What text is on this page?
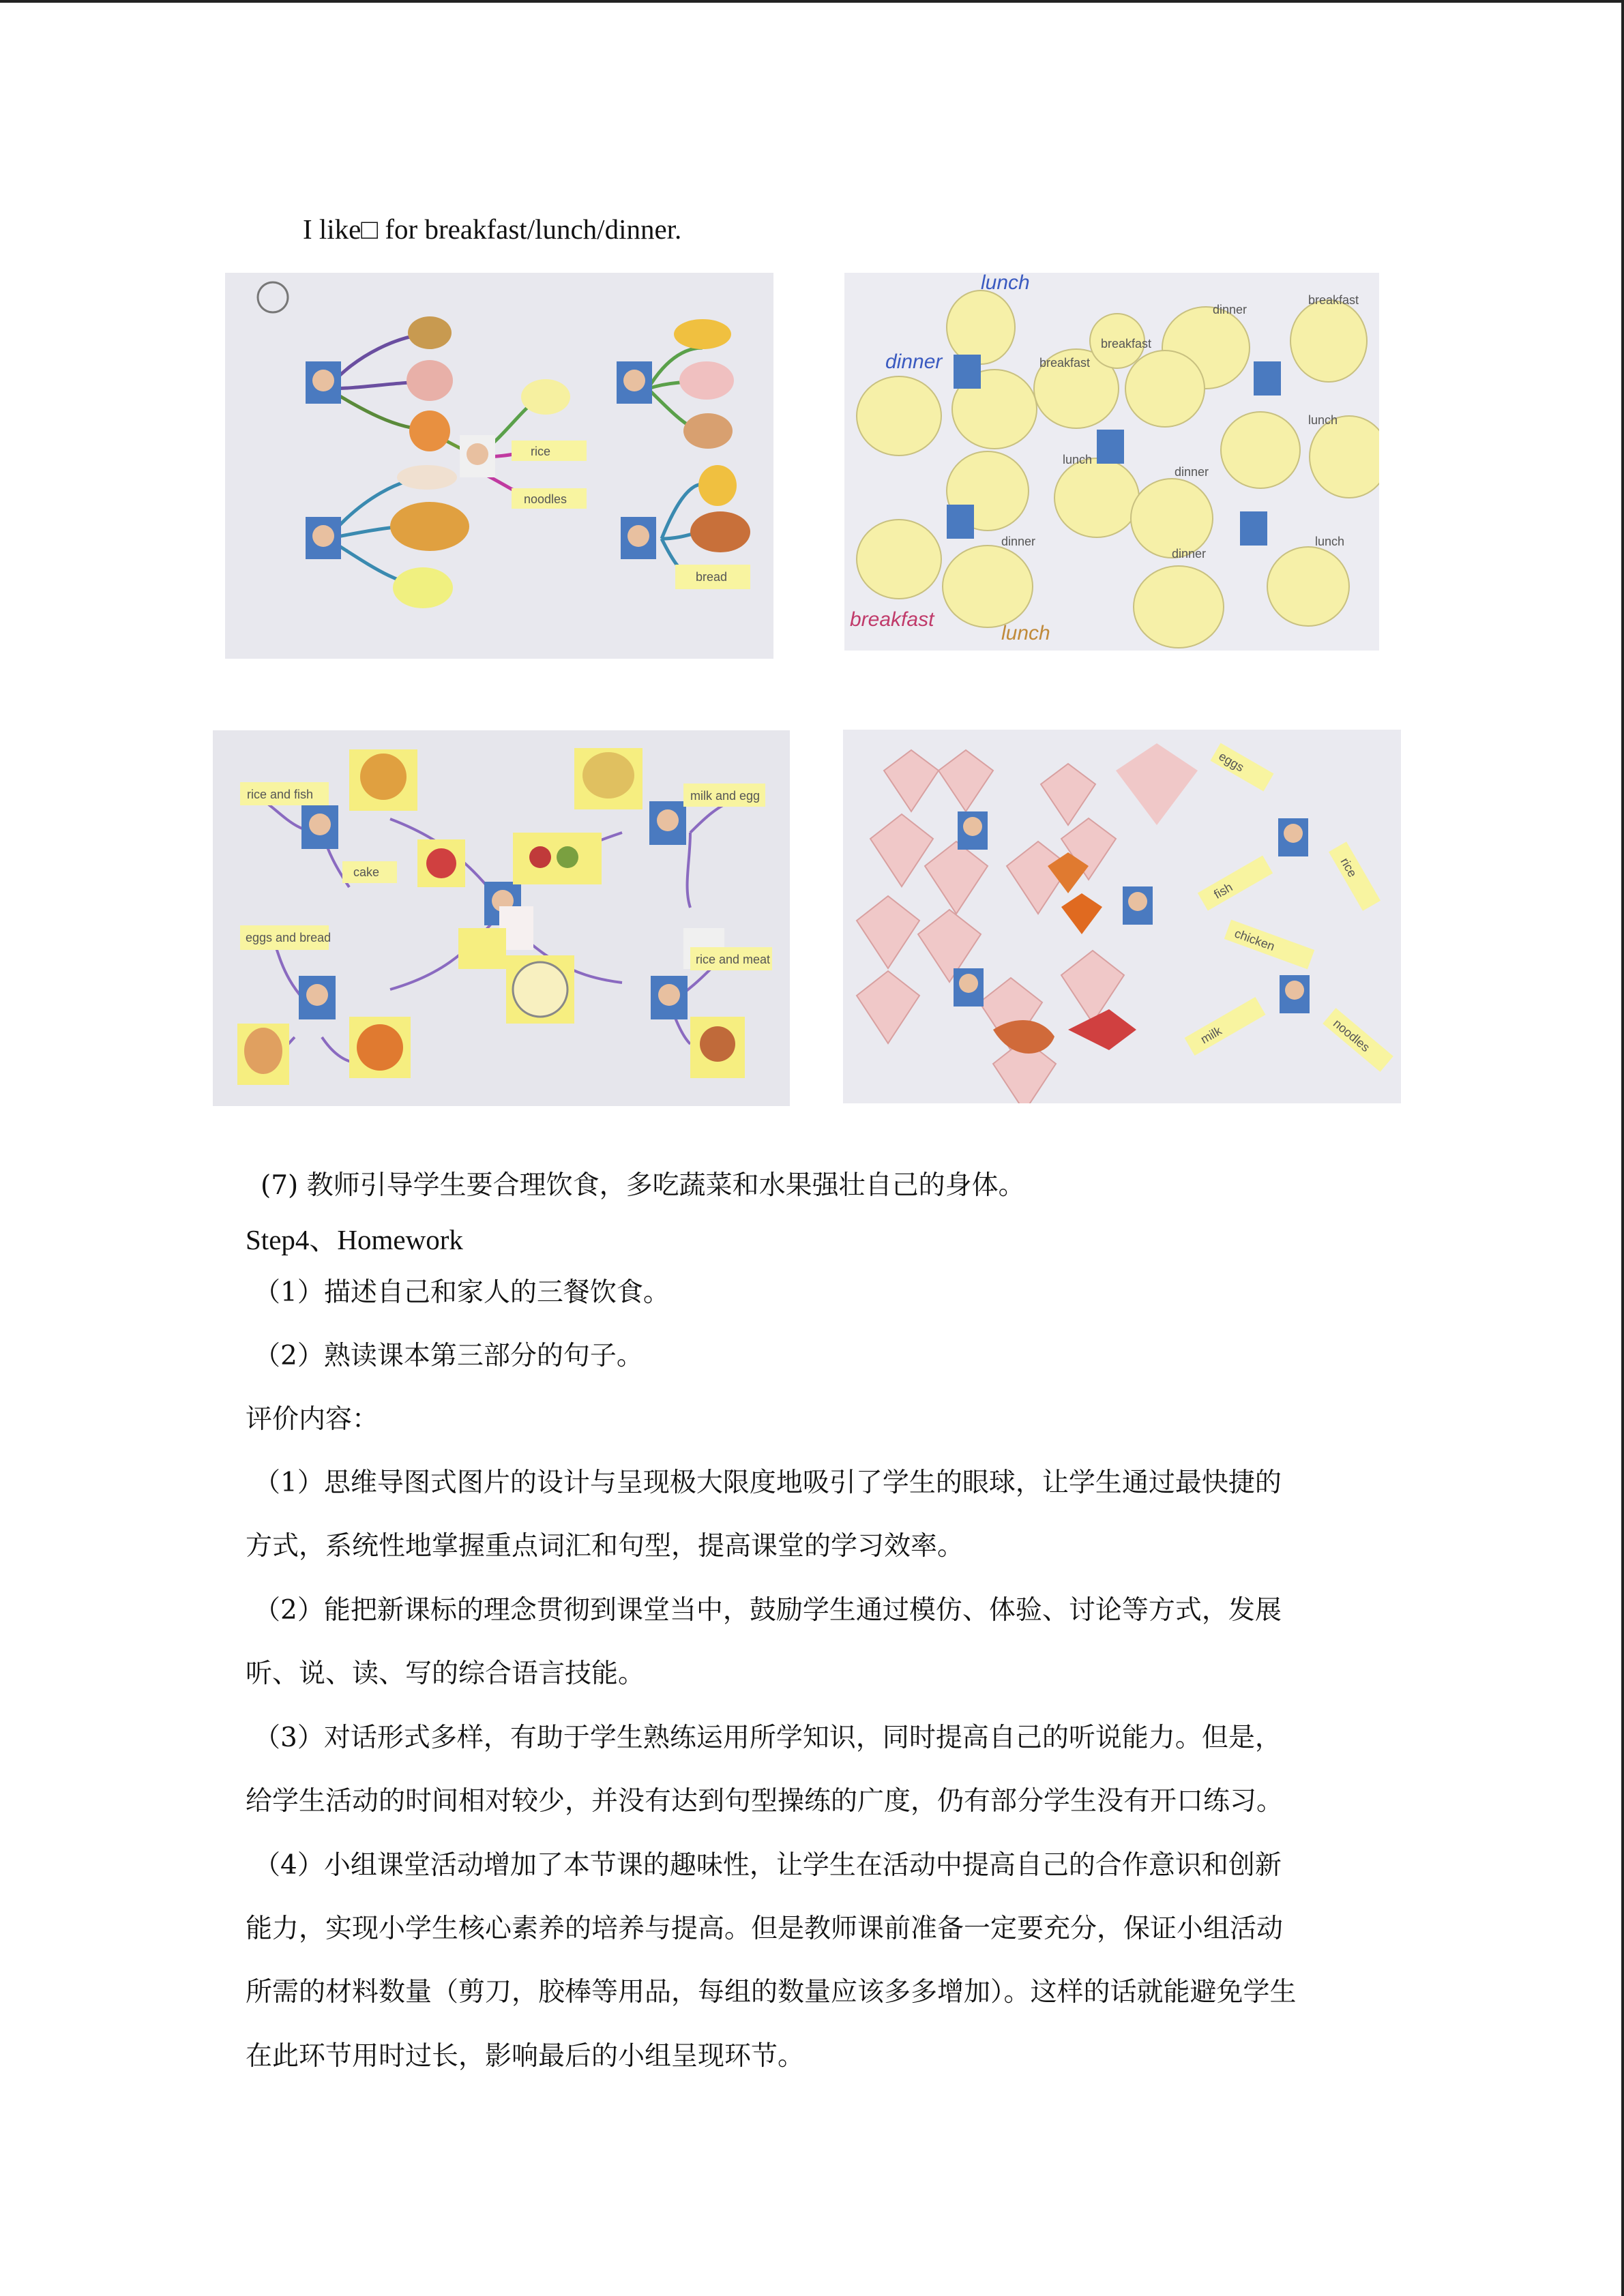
I like□ for breakfast/lunch/dinner.
rice
noodles
bread
lunch
dinner
breakfast
breakfast
dinner
breakfast
lunch
lunch
dinner
dinner
dinner
lunch
breakfast
lunch
rice and fish	milk and egg
cake
eggs and bread
rice and meat
eggs
rice
fish
chicken
milk	noodles
(7) 教师引导学生要合理饮食，多吃蔬菜和水果强壮自己的身体。
Step4、Homework
（1）描述自己和家人的三餐饮食。
（2）熟读课本第三部分的句子。
评价内容：
（1）思维导图式图片的设计与呈现极大限度地吸引了学生的眼球，让学生通过最快捷的
方式，系统性地掌握重点词汇和句型，提高课堂的学习效率。
（2）能把新课标的理念贯彻到课堂当中，鼓励学生通过模仿、体验、讨论等方式，发展
听、说、读、写的综合语言技能。
（3）对话形式多样，有助于学生熟练运用所学知识，同时提高自己的听说能力。但是，
给学生活动的时间相对较少，并没有达到句型操练的广度，仍有部分学生没有开口练习。
（4）小组课堂活动增加了本节课的趣味性，让学生在活动中提高自己的合作意识和创新
能力，实现小学生核心素养的培养与提高。但是教师课前准备一定要充分，保证小组活动
所需的材料数量（剪刀，胶棒等用品，每组的数量应该多多增加）。这样的话就能避免学生
在此环节用时过长，影响最后的小组呈现环节。
